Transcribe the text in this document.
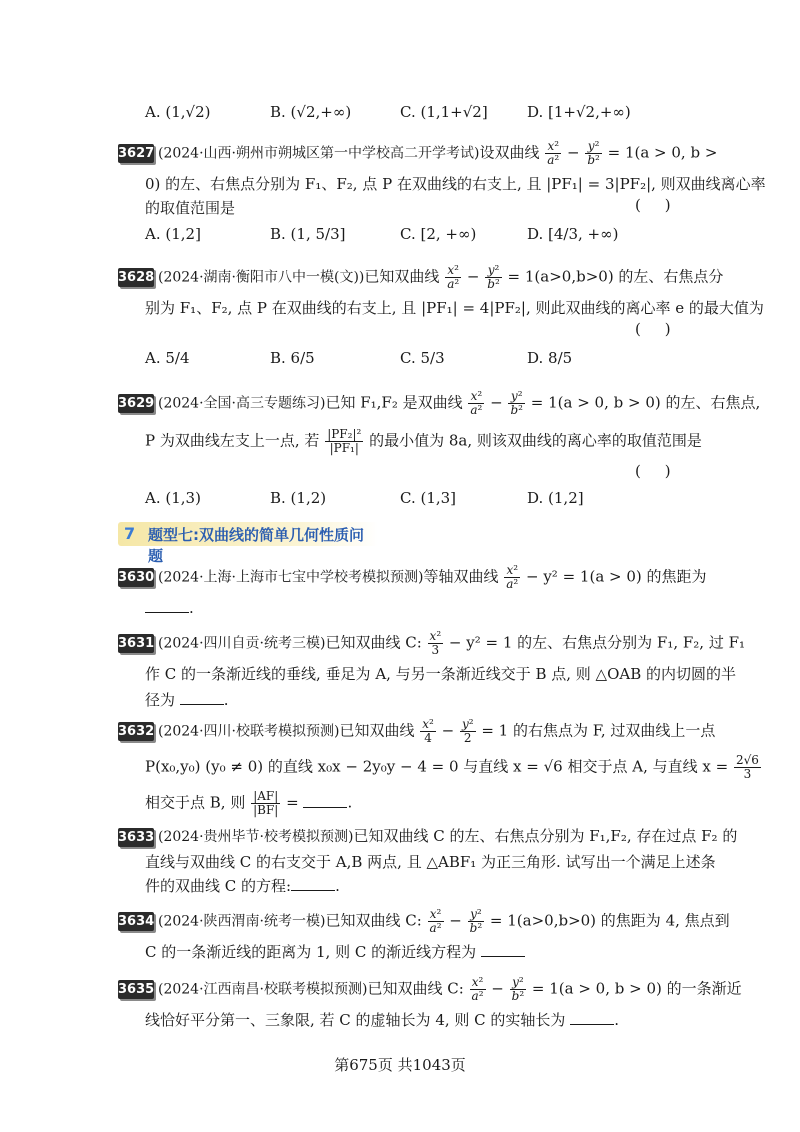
A. (1,√2)	B. (√2,+∞)	C. (1,1+√2]	D. [1+√2,+∞)
3627 (2024·山西·朔州市朔城区第一中学校高二开学考试)设双曲线 $\frac{\text{x²}}{\text{a²}} - \frac{\text{y²}}{\text{b²}} = 1(a > 0$, b >
0) 的左、右焦点分别为 F₁、F₂, 点 P 在双曲线的右支上, 且 |PF₁| = 3|PF₂|, 则双曲线离心率
的取值范围是	(     )
A. (1,2]	B. (1, 5/3]	C. [2, +∞)	D. [4/3, +∞)
3628 (2024·湖南·衡阳市八中一模(文))已知双曲线 $\frac{\text{x²}}{\text{a²}} - \frac{\text{y²}}{\text{b²}} = 1(a>0,b>0)$ 的左、右焦点分
别为 F₁、F₂, 点 P 在双曲线的右支上, 且 |PF₁| = 4|PF₂|, 则此双曲线的离心率 e 的最大值为
(     )
A. 5/4	B. 6/5	C. 5/3	D. 8/5
3629 (2024·全国·高三专题练习)已知 F₁,F₂ 是双曲线 $\frac{\text{x²}}{\text{a²}} - \frac{\text{y²}}{\text{b²}} = 1(a > 0$, b > 0) 的左、右焦点,
P 为双曲线左支上一点, 若 $\frac{\text{|PF₂|²}}{\text{|PF₁|}}$ 的最小值为 8a, 则该双曲线的离心率的取值范围是
(     )
A. (1,3)	B. (1,2)	C. (1,3]	D. (1,2]
7 题型七:双曲线的简单几何性质问题
3630 (2024·上海·上海市七宝中学校考模拟预测)等轴双曲线 $\frac{\text{x²}}{\text{a²}} - y^2 = 1(a > 0)$ 的焦距为
.
3631 (2024·四川自贡·统考三模)已知双曲线 C: $\frac{\text{x²}}{3} - y^2 = 1$ 的左、右焦点分别为 F₁, F₂, 过 F₁
作 C 的一条渐近线的垂线, 垂足为 A, 与另一条渐近线交于 B 点, 则 △OAB 的内切圆的半
径为	.
3632 (2024·四川·校联考模拟预测)已知双曲线 $\frac{\text{x²}}{4} - \frac{\text{y²}}{2} = 1$ 的右焦点为 F, 过双曲线上一点
P(x₀,y₀) (y₀ ≠ 0) 的直线 x₀x − 2y₀y − 4 = 0 与直线 x = √6 相交于点 A, 与直线 $x = \frac{2√6}{3}$
相交于点 B, 则 $\frac{|AF|}{|BF|}$ =	.
3633 (2024·贵州毕节·校考模拟预测)已知双曲线 C 的左、右焦点分别为 F₁,F₂, 存在过点 F₂ 的
直线与双曲线 C 的右支交于 A,B 两点, 且 △ABF₁ 为正三角形. 试写出一个满足上述条
件的双曲线 C 的方程:	.
3634 (2024·陕西渭南·统考一模)已知双曲线 C: $\frac{\text{x²}}{\text{a²}} - \frac{\text{y²}}{\text{b²}} = 1(a>0,b>0)$ 的焦距为 4, 焦点到
C 的一条渐近线的距离为 1, 则 C 的渐近线方程为
3635 (2024·江西南昌·校联考模拟预测)已知双曲线 C: $\frac{\text{x²}}{\text{a²}} - \frac{\text{y²}}{\text{b²}} = 1(a > 0$, b > 0) 的一条渐近
线恰好平分第一、三象限, 若 C 的虚轴长为 4, 则 C 的实轴长为	.
第675页 共1043页
